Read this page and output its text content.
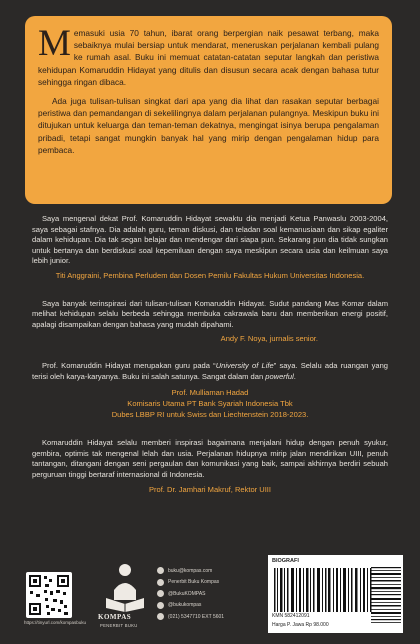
Memasuki usia 70 tahun, ibarat orang berpergian naik pesawat terbang, maka sebaiknya mulai bersiap untuk mendarat, meneruskan perjalanan kembali pulang ke rumah asal. Buku ini memuat catatan-catatan seputar langkah dan peristiwa kehidupan Komaruddin Hidayat yang ditulis dan disusun secara acak dengan bahasa tutur sehingga ringan dibaca.

Ada juga tulisan-tulisan singkat dari apa yang dia lihat dan rasakan seputar berbagai peristiwa dan pemandangan di sekelilingnya dalam perjalanan pulangnya. Meskipun buku ini ditujukan untuk keluarga dan teman-teman dekatnya, mengingat isinya berupa pengalaman pribadi, tetapi sangat mungkin banyak hal yang mirip dengan pengalaman hidup para pembaca.

Saya mengenal dekat Prof. Komaruddin Hidayat sewaktu dia menjadi Ketua Panwaslu 2003-2004, saya sebagai stafnya. Dia adalah guru, teman diskusi, dan teladan soal kemanusiaan dan sikap egaliter dalam kehidupan. Dia tak segan belajar dan mendengar dari siapa pun. Sekarang pun dia tidak sungkan untuk bertanya dan berdiskusi soal kepemiluan dengan saya meskipun secara usia dan keilmuan saya lebih junior.
Titi Anggraini, Pembina Perludem dan Dosen Pemilu Fakultas Hukum Universitas Indonesia.
Saya banyak terinspirasi dari tulisan-tulisan Komaruddin Hidayat. Sudut pandang Mas Komar dalam melihat kehidupan selalu berbeda sehingga membuka cakrawala baru dan memberikan energi positif, apalagi disampaikan dengan bahasa yang mudah dipahami.
Andy F. Noya, jurnalis senior.
Prof. Komaruddin Hidayat merupakan guru pada “University of Life” saya. Selalu ada ruangan yang terisi oleh karya-karyanya. Buku ini salah satunya. Sangat dalam dan powerful.
Prof. Mulliaman Hadad
Komisaris Utama PT Bank Syariah Indonesia Tbk
Dubes LBBP RI untuk Swiss dan Liechtenstein 2018-2023.
Komaruddin Hidayat selalu memberi inspirasi bagaimana menjalani hidup dengan penuh syukur, gembira, optimis tak mengenal lelah dan usia. Perjalanan hidupnya mirip jalan mendirikan UIII, penuh tantangan, ditangani dengan seni pergaulan dan komunikasi yang baik, sampai akhirnya berdiri sebuah perguruan tinggi bertaraf internasional di Indonesia.
Prof. Dr. Jamhari Makruf, Rektor UIII
https://tinyurl.com/kompasbuku
KOMPAS
PENERBIT BUKU
buku@kompas.com
Penerbit Buku Kompas
@BukuKOMPAS
@bukukompas
(021) 5347710 EXT 5601
BIOGRAFI
KMN 582412091
Harga P. Jawa Rp 98.000
